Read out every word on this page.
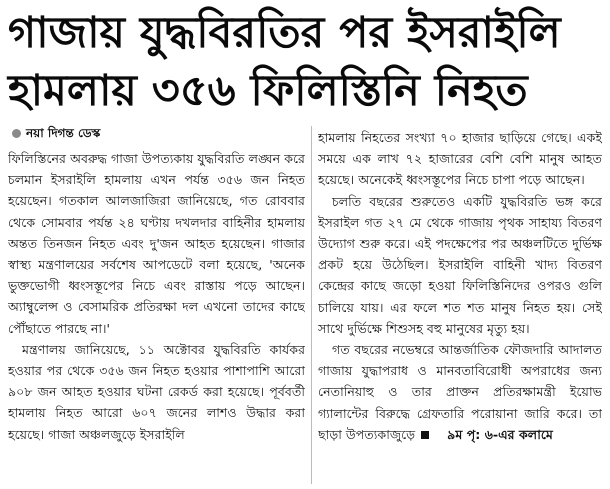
গাজায় যুদ্ধবিরতির পর ইসরাইলি
হামলায় ৩৫৬ ফিলিস্তিনি নিহত
নয়া দিগন্ত ডেস্ক

ফিলিস্তিনের অবরুদ্ধ গাজা উপত্যকায় যুদ্ধবিরতি লঙ্ঘন করে চলমান ইসরাইলি হামলায় এখন পর্যন্ত ৩৫৬ জন নিহত হয়েছেন। গতকাল আলজাজিরা জানিয়েছে, গত রোববার থেকে সোমবার পর্যন্ত ২৪ ঘণ্টায় দখলদার বাহিনীর হামলায় অন্তত তিনজন নিহত এবং দু'জন আহত হয়েছেন। গাজার স্বাস্থ্য মন্ত্রণালয়ের সর্বশেষ আপডেটে বলা হয়েছে, 'অনেক ভুক্তভোগী ধ্বংসস্তূপের নিচে এবং রাস্তায় পড়ে আছেন। অ্যাম্বুলেন্স ও বেসামরিক প্রতিরক্ষা দল এখনো তাদের কাছে পৌঁছাতে পারছে না।'

মন্ত্রণালয় জানিয়েছে, ১১ অক্টোবর যুদ্ধবিরতি কার্যকর হওয়ার পর থেকে ৩৫৬ জন নিহত হওয়ার পাশাপাশি আরো ৯০৮ জন আহত হওয়ার ঘটনা রেকর্ড করা হয়েছে। পূর্ববর্তী হামলায় নিহত আরো ৬০৭ জনের লাশও উদ্ধার করা হয়েছে। গাজা অঞ্চলজুড়ে ইসরাইলি

হামলায় নিহতের সংখ্যা ৭০ হাজার ছাড়িয়ে গেছে। একই সময়ে এক লাখ ৭২ হাজারের বেশি বেশি মানুষ আহত হয়েছে। অনেকেই ধ্বংসস্তূপের নিচে চাপা পড়ে আছেন।

চলতি বছরের শুরুতেও একটি যুদ্ধবিরতি ভঙ্গ করে ইসরাইল গত ২৭ মে থেকে গাজায় পৃথক সাহায্য বিতরণ উদ্যোগ শুরু করে। এই পদক্ষেপের পর অঞ্চলটিতে দুর্ভিক্ষ প্রকট হয়ে উঠেছিল। ইসরাইলি বাহিনী খাদ্য বিতরণ কেন্দ্রের কাছে জড়ো হওয়া ফিলিস্তিনিদের ওপরও গুলি চালিয়ে যায়। এর ফলে শত শত মানুষ নিহত হয়। সেই সাথে দুর্ভিক্ষে শিশুসহ বহু মানুষের মৃত্যু হয়।

গত বছরের নভেম্বরে আন্তর্জাতিক ফৌজদারি আদালত গাজায় যুদ্ধাপরাধ ও মানবতাবিরোধী অপরাধের জন্য নেতানিয়াহু ও তার প্রাক্তন প্রতিরক্ষামন্ত্রী ইয়োভ গ্যালান্টের বিরুদ্ধে গ্রেফতারি পরোয়ানা জারি করে। তা ছাড়া উপত্যকাজুড়ে	৯ম পৃ: ৬-এর কলামে
